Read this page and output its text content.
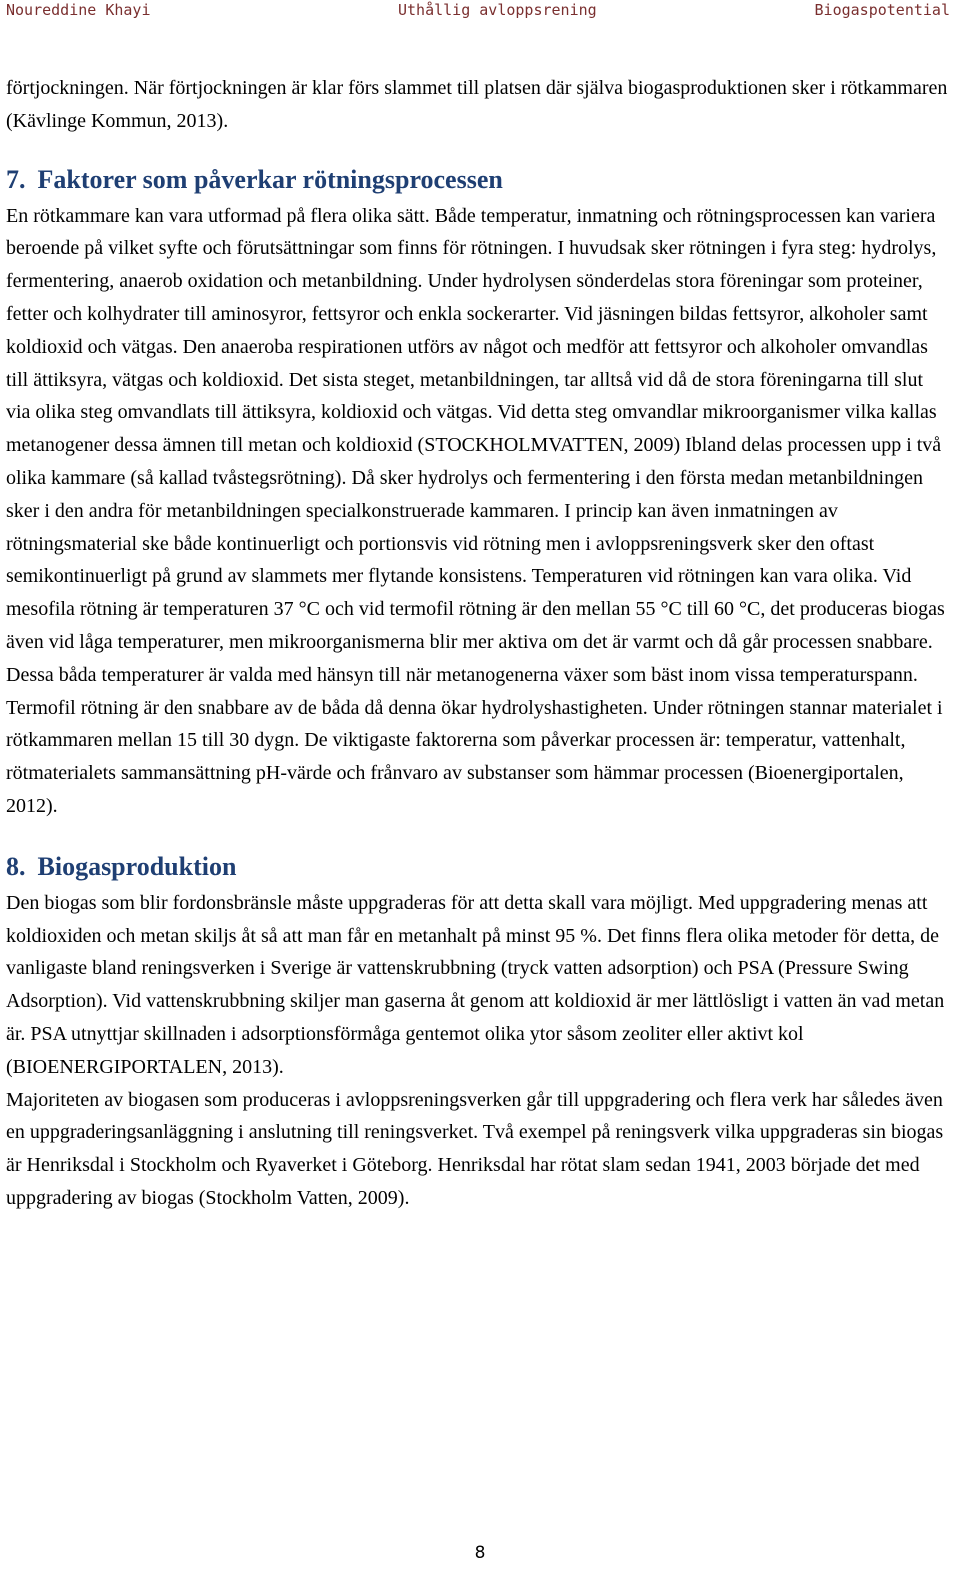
Noureddine Khayi	Uthållig avloppsrening	Biogaspotential

förtjockningen. När förtjockningen är klar förs slammet till platsen där själva biogasproduktionen sker i rötkammaren (Kävlinge Kommun, 2013).

7. Faktorer som påverkar rötningsprocessen

En rötkammare kan vara utformad på flera olika sätt. Både temperatur, inmatning och rötningsprocessen kan variera beroende på vilket syfte och förutsättningar som finns för rötningen. I huvudsak sker rötningen i fyra steg: hydrolys, fermentering, anaerob oxidation och metanbildning. Under hydrolysen sönderdelas stora föreningar som proteiner, fetter och kolhydrater till aminosyror, fettsyror och enkla sockerarter. Vid jäsningen bildas fettsyror, alkoholer samt koldioxid och vätgas. Den anaeroba respirationen utförs av något och medför att fettsyror och alkoholer omvandlas till ättiksyra, vätgas och koldioxid. Det sista steget, metanbildningen, tar alltså vid då de stora föreningarna till slut via olika steg omvandlats till ättiksyra, koldioxid och vätgas. Vid detta steg omvandlar mikroorganismer vilka kallas metanogener dessa ämnen till metan och koldioxid (STOCKHOLMVATTEN, 2009) Ibland delas processen upp i två olika kammare (så kallad tvåstegsrötning). Då sker hydrolys och fermentering i den första medan metanbildningen sker i den andra för metanbildningen specialkonstruerade kammaren. I princip kan även inmatningen av rötningsmaterial ske både kontinuerligt och portionsvis vid rötning men i avloppsreningsverk sker den oftast semikontinuerligt på grund av slammets mer flytande konsistens. Temperaturen vid rötningen kan vara olika. Vid mesofila rötning är temperaturen 37 °C och vid termofil rötning är den mellan 55 °C till 60 °C, det produceras biogas även vid låga temperaturer, men mikroorganismerna blir mer aktiva om det är varmt och då går processen snabbare. Dessa båda temperaturer är valda med hänsyn till när metanogenerna växer som bäst inom vissa temperaturspann. Termofil rötning är den snabbare av de båda då denna ökar hydrolyshastigheten. Under rötningen stannar materialet i rötkammaren mellan 15 till 30 dygn. De viktigaste faktorerna som påverkar processen är: temperatur, vattenhalt, rötmaterialets sammansättning pH-värde och frånvaro av substanser som hämmar processen (Bioenergiportalen, 2012).

8. Biogasproduktion

Den biogas som blir fordonsbränsle måste uppgraderas för att detta skall vara möjligt. Med uppgradering menas att koldioxiden och metan skiljs åt så att man får en metanhalt på minst 95 %. Det finns flera olika metoder för detta, de vanligaste bland reningsverken i Sverige är vattenskrubbning (tryck vatten adsorption) och PSA (Pressure Swing Adsorption). Vid vattenskrubbning skiljer man gaserna åt genom att koldioxid är mer lättlösligt i vatten än vad metan är. PSA utnyttjar skillnaden i adsorptionsförmåga gentemot olika ytor såsom zeoliter eller aktivt kol (BIOENERGIPORTALEN, 2013).

Majoriteten av biogasen som produceras i avloppsreningsverken går till uppgradering och flera verk har således även en uppgraderingsanläggning i anslutning till reningsverket. Två exempel på reningsverk vilka uppgraderas sin biogas är Henriksdal i Stockholm och Ryaverket i Göteborg. Henriksdal har rötat slam sedan 1941, 2003 började det med uppgradering av biogas (Stockholm Vatten, 2009).

8
